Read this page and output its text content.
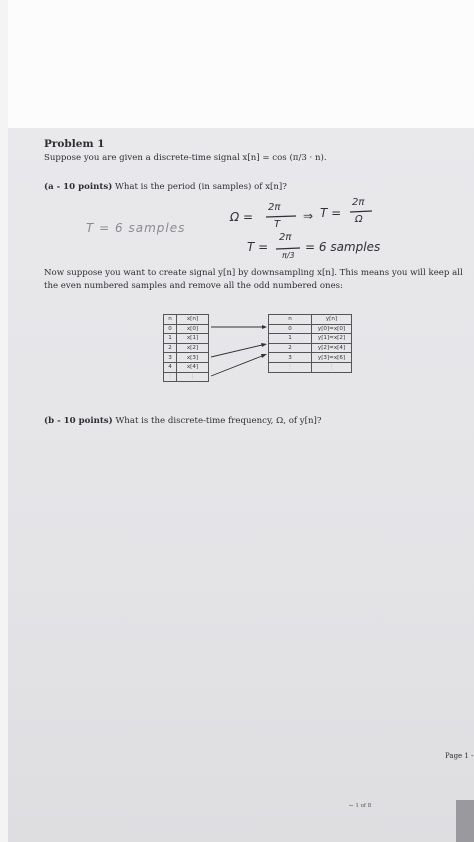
Problem 1
Suppose you are given a discrete-time signal x[n] = cos (π/3 · n).
(a - 10 points) What is the period (in samples) of x[n]?
T = 6 samples
Ω =
2π
T
⇒ T =
2π
Ω
T =
2π
π/3
= 6 samples
Now suppose you want to create signal y[n] by downsampling x[n]. This means you will keep all
the even numbered samples and remove all the odd numbered ones:
n	x[n]
0	x[0]
1	x[1]
2	x[2]
3	x[3]
4	x[4]
⋮	⋮
n	y[n]
0	y[0]=x[0]
1	y[1]=x[2]
2	y[2]=x[4]
3	y[3]=x[6]
⋮	⋮
(b - 10 points) What is the discrete-time frequency, Ω, of y[n]?
Page 1 -
← 1 of 8
